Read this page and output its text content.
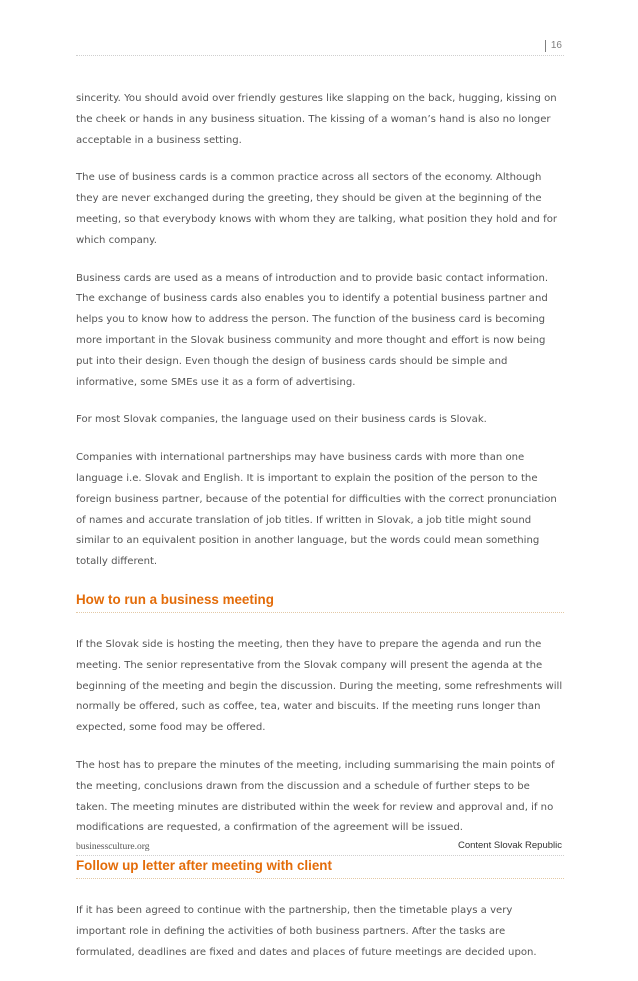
16

sincerity. You should avoid over friendly gestures like slapping on the back, hugging, kissing on the cheek or hands in any business situation. The kissing of a woman’s hand is also no longer acceptable in a business setting.

The use of business cards is a common practice across all sectors of the economy. Although they are never exchanged during the greeting, they should be given at the beginning of the meeting, so that everybody knows with whom they are talking, what position they hold and for which company.

Business cards are used as a means of introduction and to provide basic contact information. The exchange of business cards also enables you to identify a potential business partner and helps you to know how to address the person. The function of the business card is becoming more important in the Slovak business community and more thought and effort is now being put into their design. Even though the design of business cards should be simple and informative, some SMEs use it as a form of advertising.

For most Slovak companies, the language used on their business cards is Slovak.

Companies with international partnerships may have business cards with more than one language i.e. Slovak and English. It is important to explain the position of the person to the foreign business partner, because of the potential for difficulties with the correct pronunciation of names and accurate translation of job titles. If written in Slovak, a job title might sound similar to an equivalent position in another language, but the words could mean something totally different.

How to run a business meeting

If the Slovak side is hosting the meeting, then they have to prepare the agenda and run the meeting. The senior representative from the Slovak company will present the agenda at the beginning of the meeting and begin the discussion. During the meeting, some refreshments will normally be offered, such as coffee, tea, water and biscuits. If the meeting runs longer than expected, some food may be offered.

The host has to prepare the minutes of the meeting, including summarising the main points of the meeting, conclusions drawn from the discussion and a schedule of further steps to be taken. The meeting minutes are distributed within the week for review and approval and, if no modifications are requested, a confirmation of the agreement will be issued.

Follow up letter after meeting with client

If it has been agreed to continue with the partnership, then the timetable plays a very important role in defining the activities of both business partners. After the tasks are formulated, deadlines are fixed and dates and places of future meetings are decided upon.

businessculture.org	Content Slovak Republic
